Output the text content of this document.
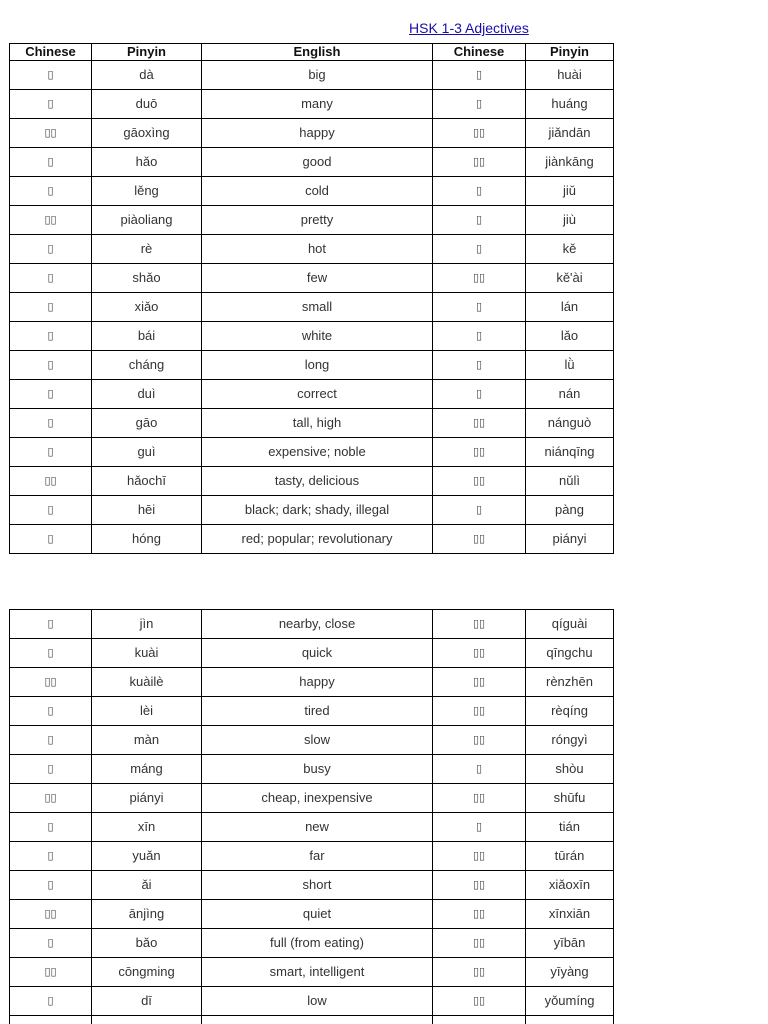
HSK 1-3 Adjectives
Chinese	Pinyin	English	Chinese	Pinyin
▯	dà	big	▯	huài
▯	duō	many	▯	huáng
▯▯	gāoxìng	happy	▯▯	jiǎndān
▯	hǎo	good	▯▯	jiànkāng
▯	lěng	cold	▯	jiǔ
▯▯	piàoliang	pretty	▯	jiù
▯	rè	hot	▯	kě
▯	shǎo	few	▯▯	kě'ài
▯	xiǎo	small	▯	lán
▯	bái	white	▯	lǎo
▯	cháng	long	▯	lǜ
▯	duì	correct	▯	nán
▯	gāo	tall, high	▯▯	nánguò
▯	guì	expensive; noble	▯▯	niánqīng
▯▯	hǎochī	tasty, delicious	▯▯	nǔlì
▯	hēi	black; dark; shady, illegal	▯	pàng
▯	hóng	red; popular; revolutionary	▯▯	piányi
▯	jìn	nearby, close	▯▯	qíguài
▯	kuài	quick	▯▯	qīngchu
▯▯	kuàilè	happy	▯▯	rènzhēn
▯	lèi	tired	▯▯	rèqíng
▯	màn	slow	▯▯	róngyì
▯	máng	busy	▯	shòu
▯▯	piányi	cheap, inexpensive	▯▯	shūfu
▯	xīn	new	▯	tián
▯	yuǎn	far	▯▯	tūrán
▯	ǎi	short	▯▯	xiǎoxīn
▯▯	ānjìng	quiet	▯▯	xīnxiān
▯	bǎo	full (from eating)	▯▯	yībān
▯▯	cōngming	smart, intelligent	▯▯	yīyàng
▯	dī	low	▯▯	yǒumíng
